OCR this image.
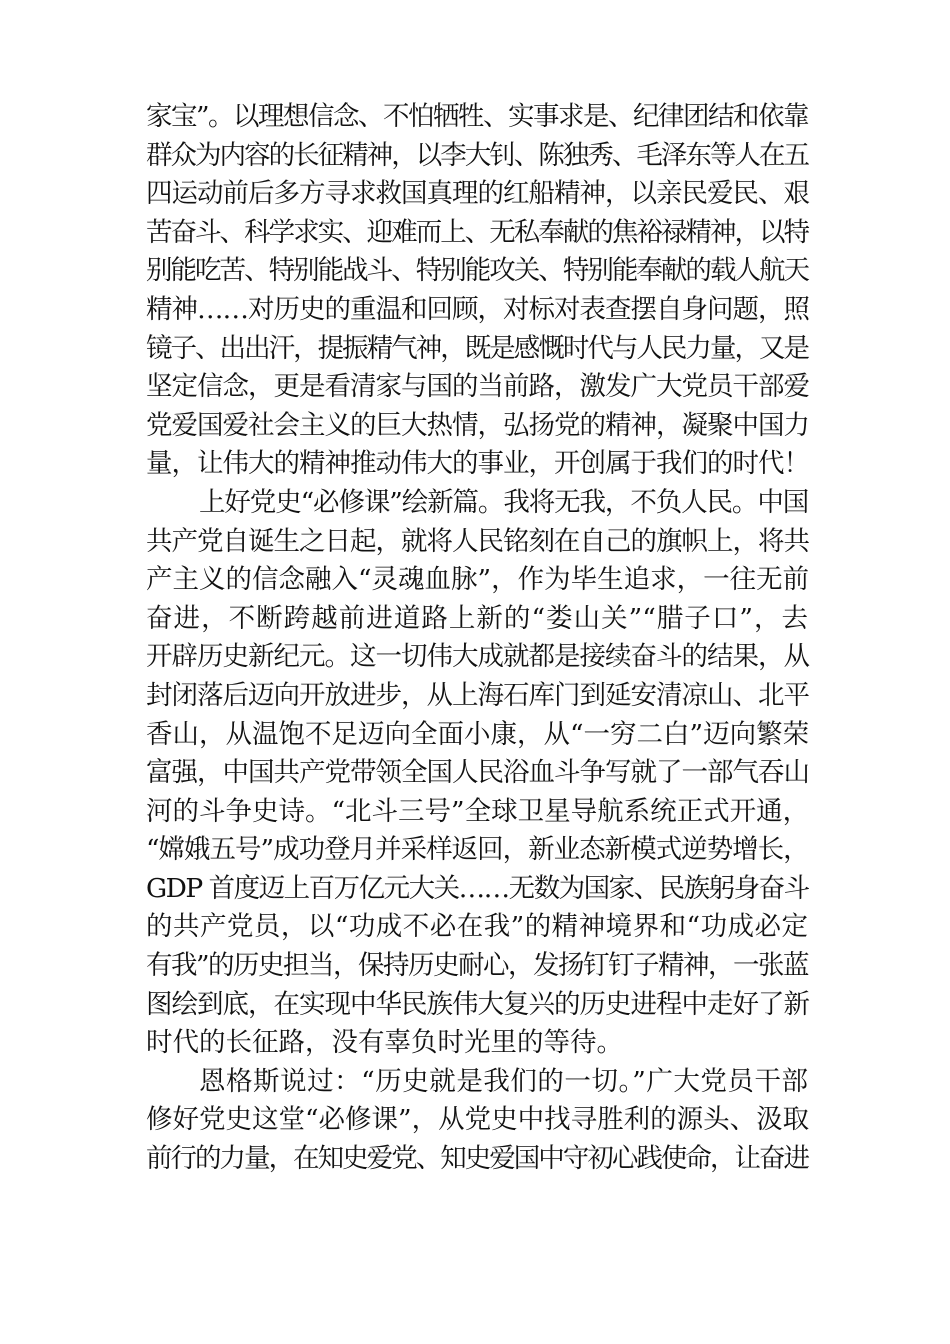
家宝”。以理想信念、不怕牺牲、实事求是、纪律团结和依靠
群众为内容的长征精神，以李大钊、陈独秀、毛泽东等人在五
四运动前后多方寻求救国真理的红船精神，以亲民爱民、艰
苦奋斗、科学求实、迎难而上、无私奉献的焦裕禄精神，以特
别能吃苦、特别能战斗、特别能攻关、特别能奉献的载人航天
精神……对历史的重温和回顾，对标对表查摆自身问题，照
镜子、出出汗，提振精气神，既是感慨时代与人民力量，又是
坚定信念，更是看清家与国的当前路，激发广大党员干部爱
党爱国爱社会主义的巨大热情，弘扬党的精神，凝聚中国力
量，让伟大的精神推动伟大的事业，开创属于我们的时代！
上好党史“必修课”绘新篇。我将无我，不负人民。中国
共产党自诞生之日起，就将人民铭刻在自己的旗帜上，将共
产主义的信念融入“灵魂血脉”，作为毕生追求，一往无前
奋进，不断跨越前进道路上新的“娄山关”“腊子口”，去
开辟历史新纪元。这一切伟大成就都是接续奋斗的结果，从
封闭落后迈向开放进步，从上海石库门到延安清凉山、北平
香山，从温饱不足迈向全面小康，从“一穷二白”迈向繁荣
富强，中国共产党带领全国人民浴血斗争写就了一部气吞山
河的斗争史诗。“北斗三号”全球卫星导航系统正式开通，
“嫦娥五号”成功登月并采样返回，新业态新模式逆势增长，
GDP 首度迈上百万亿元大关……无数为国家、民族躬身奋斗
的共产党员，以“功成不必在我”的精神境界和“功成必定
有我”的历史担当，保持历史耐心，发扬钉钉子精神，一张蓝
图绘到底，在实现中华民族伟大复兴的历史进程中走好了新
时代的长征路，没有辜负时光里的等待。
恩格斯说过：“历史就是我们的一切。”广大党员干部
修好党史这堂“必修课”，从党史中找寻胜利的源头、汲取
前行的力量，在知史爱党、知史爱国中守初心践使命，让奋进
